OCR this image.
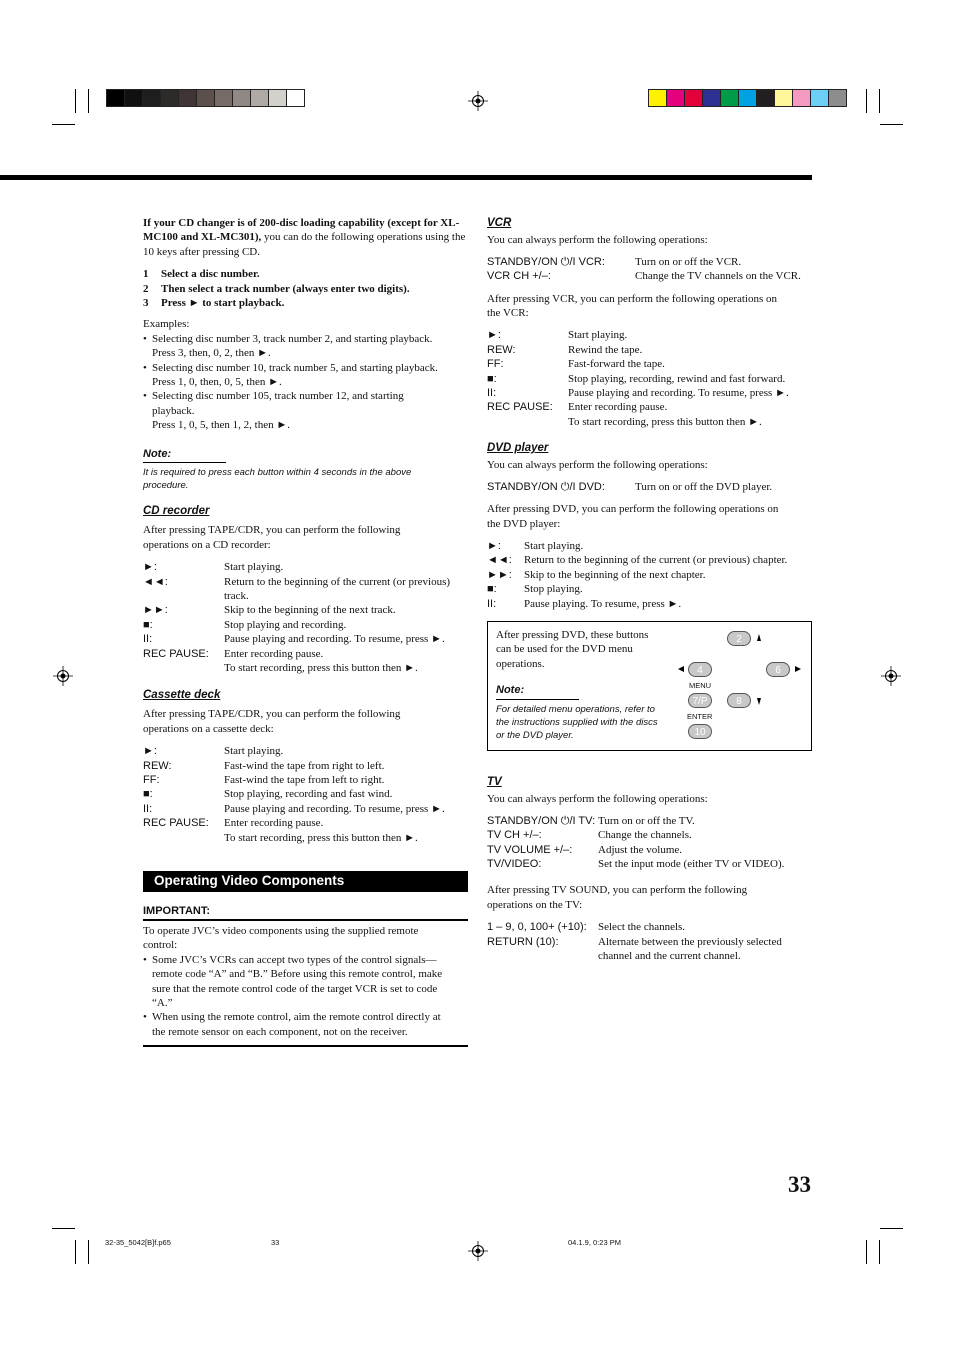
If your CD changer is of 200-disc loading capability (except for XL-MC100 and XL-MC301), you can do the following operations using the 10 keys after pressing CD.

1 Select a disc number.
2 Then select a track number (always enter two digits).
3 Press ► to start playback.

Examples:

• Selecting disc number 3, track number 2, and starting playback.
Press 3, then, 0, 2, then ►.
• Selecting disc number 10, track number 5, and starting playback.
Press 1, 0, then, 0, 5, then ►.
• Selecting disc number 105, track number 12, and starting
playback.
Press 1, 0, 5, then 1, 2, then ►.
Note:
It is required to press each button within 4 seconds in the above
procedure.
CD recorder

After pressing TAPE/CDR, you can perform the following
operations on a CD recorder:

►:	Start playing.
◄◄:	Return to the beginning of the current (or previous)
track.
►►:	Skip to the beginning of the next track.
■:	Stop playing and recording.
II:	Pause playing and recording. To resume, press ►.
REC PAUSE: Enter recording pause.
To start recording, press this button then ►.
Cassette deck

After pressing TAPE/CDR, you can perform the following
operations on a cassette deck:

►:	Start playing.
REW:	Fast-wind the tape from right to left.
FF:	Fast-wind the tape from left to right.
■:	Stop playing, recording and fast wind.
II:	Pause playing and recording. To resume, press ►.
REC PAUSE: Enter recording pause.
To start recording, press this button then ►.
Operating Video Components
IMPORTANT:

To operate JVC’s video components using the supplied remote
control:

• Some JVC’s VCRs can accept two types of the control signals—
remote code “A” and “B.” Before using this remote control, make
sure that the remote control code of the target VCR is set to code
“A.”
• When using the remote control, aim the remote control directly at
the remote sensor on each component, not on the receiver.
VCR

You can always perform the following operations:

STANDBY/ON ⏻/I VCR:	Turn on or off the VCR.
VCR CH +/–:	Change the TV channels on the VCR.

After pressing VCR, you can perform the following operations on
the VCR:

►:	Start playing.
REW:	Rewind the tape.
FF:	Fast-forward the tape.
■:	Stop playing, recording, rewind and fast forward.
II:	Pause playing and recording. To resume, press ►.
REC PAUSE: Enter recording pause.
To start recording, press this button then ►.
DVD player

You can always perform the following operations:

STANDBY/ON ⏻/I DVD:	Turn on or off the DVD player.

After pressing DVD, you can perform the following operations on
the DVD player:

►: Start playing.
◄◄: Return to the beginning of the current (or previous) chapter.
►►: Skip to the beginning of the next chapter.
■: Stop playing.
II:	Pause playing. To resume, press ►.
After pressing DVD, these buttons
can be used for the DVD menu
operations.
Note:
For detailed menu operations, refer to
the instructions supplied with the discs
or the DVD player.
2
4
MENU
6
7/P	8
ENTER
10
TV

You can always perform the following operations:

STANDBY/ON ⏻/I TV: Turn on or off the TV.
TV CH +/–:	Change the channels.
TV VOLUME +/–: Adjust the volume.
TV/VIDEO:	Set the input mode (either TV or VIDEO).

After pressing TV SOUND, you can perform the following
operations on the TV:

1 – 9, 0, 100+ (+10): Select the channels.
RETURN (10):	Alternate between the previously selected
channel and the current channel.
33
32-35_5042[B]f.p65	33	04.1.9, 0:23 PM
